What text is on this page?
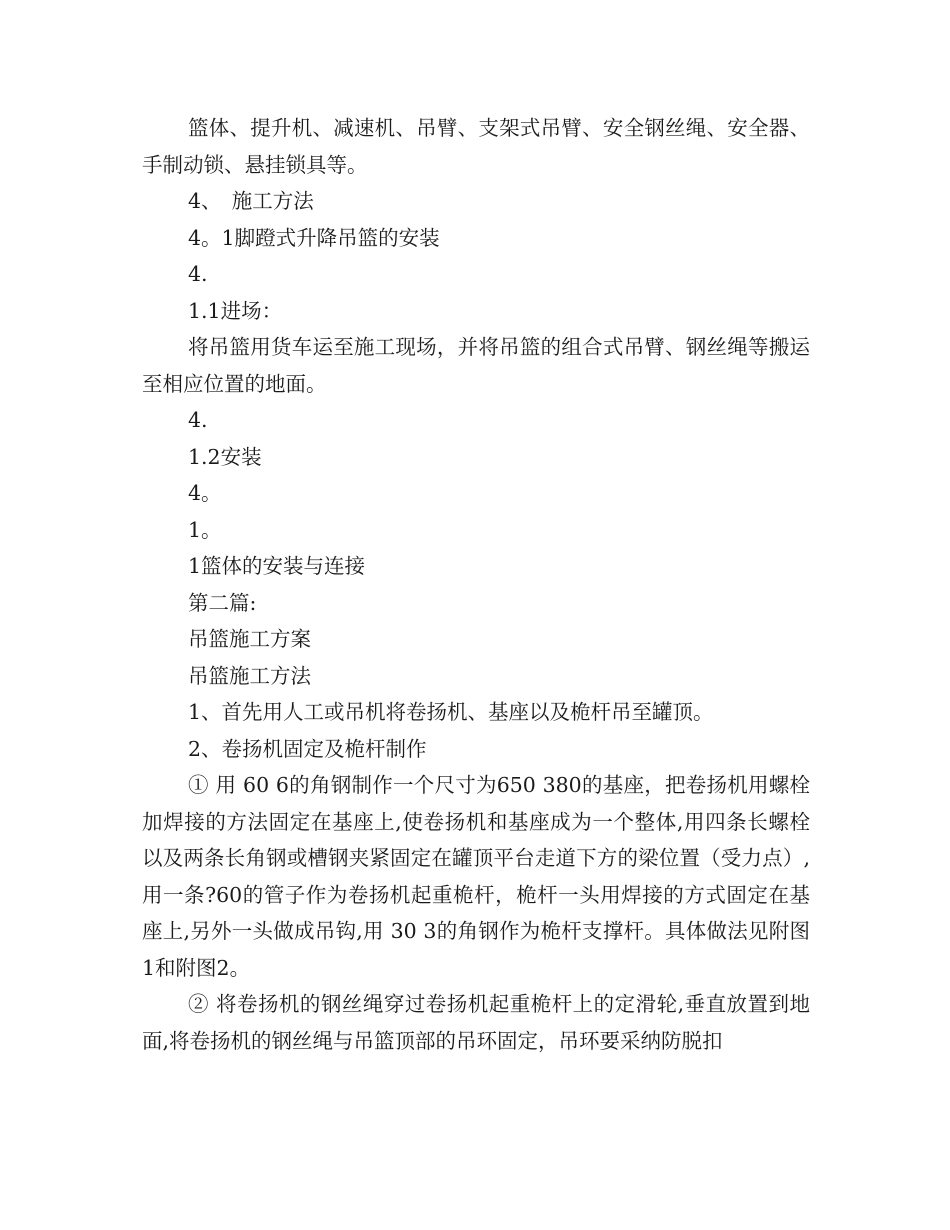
篮体、提升机、减速机、吊臂、支架式吊臂、安全钢丝绳、安全器、手制动锁、悬挂锁具等。

4、　施工方法

4。1脚蹬式升降吊篮的安装

4.

1.1进场：

将吊篮用货车运至施工现场，并将吊篮的组合式吊臂、钢丝绳等搬运至相应位置的地面。

4.

1.2安装

4。

1。

1篮体的安装与连接

第二篇:

吊篮施工方案

吊篮施工方法

1、首先用人工或吊机将卷扬机、基座以及桅杆吊至罐顶。

2、卷扬机固定及桅杆制作

① 用 60 6的角钢制作一个尺寸为650 380的基座，把卷扬机用螺栓加焊接的方法固定在基座上,使卷扬机和基座成为一个整体,用四条长螺栓以及两条长角钢或槽钢夹紧固定在罐顶平台走道下方的梁位置（受力点）,用一条?60的管子作为卷扬机起重桅杆，桅杆一头用焊接的方式固定在基座上,另外一头做成吊钩,用 30 3的角钢作为桅杆支撑杆。具体做法见附图1和附图2。

② 将卷扬机的钢丝绳穿过卷扬机起重桅杆上的定滑轮,垂直放置到地面,将卷扬机的钢丝绳与吊篮顶部的吊环固定，吊环要采纳防脱扣
